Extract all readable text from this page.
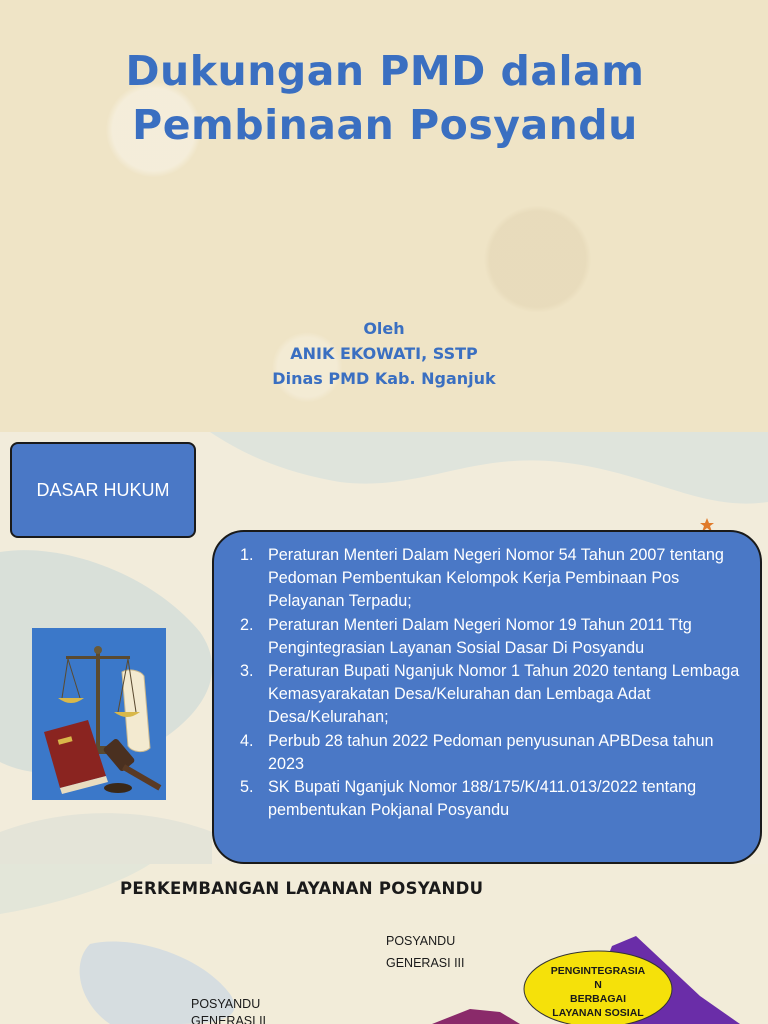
Dukungan PMD dalam
Pembinaan Posyandu
Oleh
ANIK EKOWATI, SSTP
Dinas PMD Kab. Nganjuk
DASAR HUKUM
1. Peraturan Menteri Dalam Negeri Nomor 54 Tahun 2007 tentang Pedoman Pembentukan Kelompok Kerja Pembinaan Pos Pelayanan Terpadu;
2. Peraturan Menteri Dalam Negeri Nomor 19 Tahun 2011 Ttg Pengintegrasian Layanan Sosial Dasar Di Posyandu
3. Peraturan Bupati Nganjuk Nomor 1 Tahun 2020 tentang Lembaga Kemasyarakatan Desa/Kelurahan dan Lembaga Adat Desa/Kelurahan;
4. Perbub 28 tahun 2022 Pedoman penyusunan APBDesa tahun 2023
5. SK Bupati Nganjuk Nomor 188/175/K/411.013/2022 tentang pembentukan Pokjanal Posyandu
PERKEMBANGAN LAYANAN POSYANDU
POSYANDU
GENERASI III
POSYANDU
GENERASI II
PENGINTEGRASIA
N
BERBAGAI
LAYANAN SOSIAL
